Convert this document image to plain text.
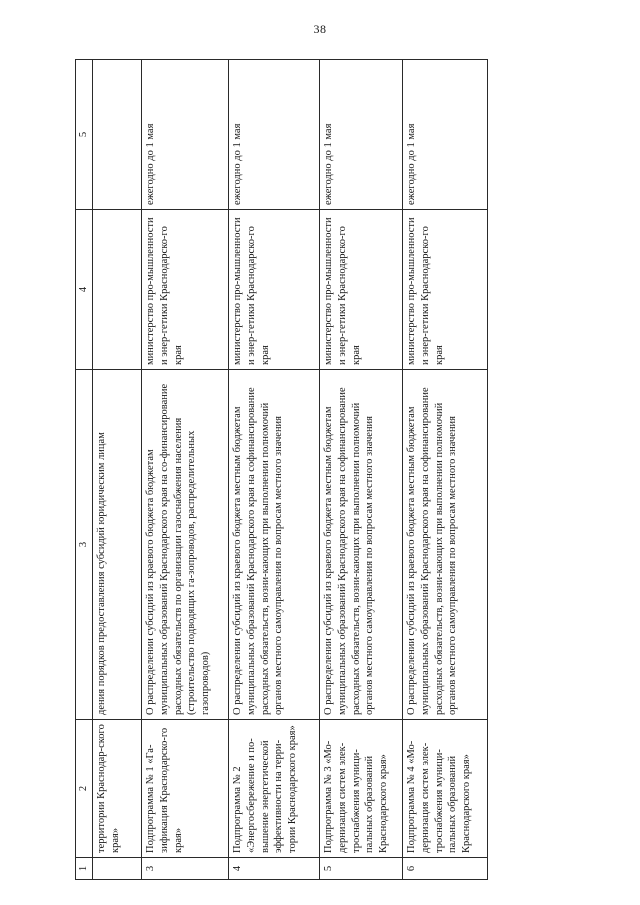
38
1	2	3	4	5
	территории Краснодар-ского края»	дения порядков предоставления субсидий юридическим лицам		
3	Подпрограмма № 1 «Га-зификация Краснодарско-го края»	О распределении субсидий из краевого бюджета бюджетам муниципальных образований Краснодарского края на со-финансирование расходных обязательств по организации газоснабжения населения (строительство подводящих га-зопроводов, распределительных газопроводов)	министерство про-мышленности и энер-гетики Краснодарско-го края	ежегодно до 1 мая
4	Подпрограмма № 2 «Энергосбережение и по-вышение энергетической эффективности на терри-тории Краснодарского края»	О распределении субсидий из краевого бюджета местным бюджетам муниципальных образований Краснодарского края на софинансирование расходных обязательств, возни-кающих при выполнении полномочий органов местного самоуправления по вопросам местного значения	министерство про-мышленности и энер-гетики Краснодарско-го края	ежегодно до 1 мая
5	Подпрограмма № 3 «Мо-дернизация систем элек-троснабжения муници-пальных образований Краснодарского края»	О распределении субсидий из краевого бюджета местным бюджетам муниципальных образований Краснодарского края на софинансирование расходных обязательств, возни-кающих при выполнении полномочий органов местного самоуправления по вопросам местного значения	министерство про-мышленности и энер-гетики Краснодарско-го края	ежегодно до 1 мая
6	Подпрограмма № 4 «Мо-дернизация систем элек-троснабжения муници-пальных образований Краснодарского края»	О распределении субсидий из краевого бюджета местным бюджетам муниципальных образований Краснодарского края на софинансирование расходных обязательств, возни-кающих при выполнении полномочий органов местного самоуправления по вопросам местного значения	министерство про-мышленности и энер-гетики Краснодарско-го края	ежегодно до 1 мая
